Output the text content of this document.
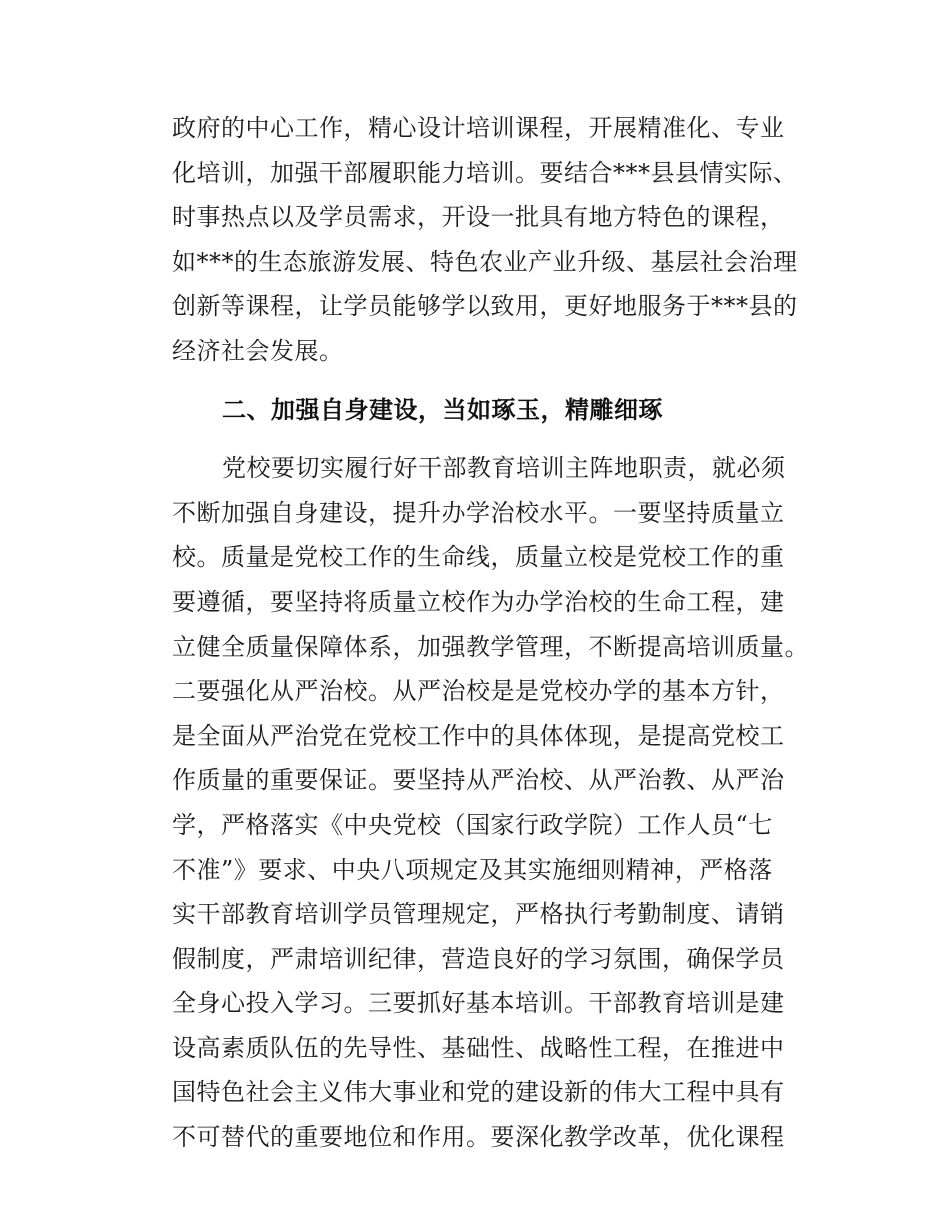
政府的中心工作，精心设计培训课程，开展精准化、专业
化培训，加强干部履职能力培训。要结合***县县情实际、
时事热点以及学员需求，开设一批具有地方特色的课程，
如***的生态旅游发展、特色农业产业升级、基层社会治理
创新等课程，让学员能够学以致用，更好地服务于***县的
经济社会发展。
二、加强自身建设，当如琢玉，精雕细琢
党校要切实履行好干部教育培训主阵地职责，就必须
不断加强自身建设，提升办学治校水平。一要坚持质量立
校。质量是党校工作的生命线，质量立校是党校工作的重
要遵循，要坚持将质量立校作为办学治校的生命工程，建
立健全质量保障体系，加强教学管理，不断提高培训质量。
二要强化从严治校。从严治校是是党校办学的基本方针，
是全面从严治党在党校工作中的具体体现，是提高党校工
作质量的重要保证。要坚持从严治校、从严治教、从严治
学，严格落实《中央党校（国家行政学院）工作人员“七
不准”》要求、中央八项规定及其实施细则精神，严格落
实干部教育培训学员管理规定，严格执行考勤制度、请销
假制度，严肃培训纪律，营造良好的学习氛围，确保学员
全身心投入学习。三要抓好基本培训。干部教育培训是建
设高素质队伍的先导性、基础性、战略性工程，在推进中
国特色社会主义伟大事业和党的建设新的伟大工程中具有
不可替代的重要地位和作用。要深化教学改革，优化课程
